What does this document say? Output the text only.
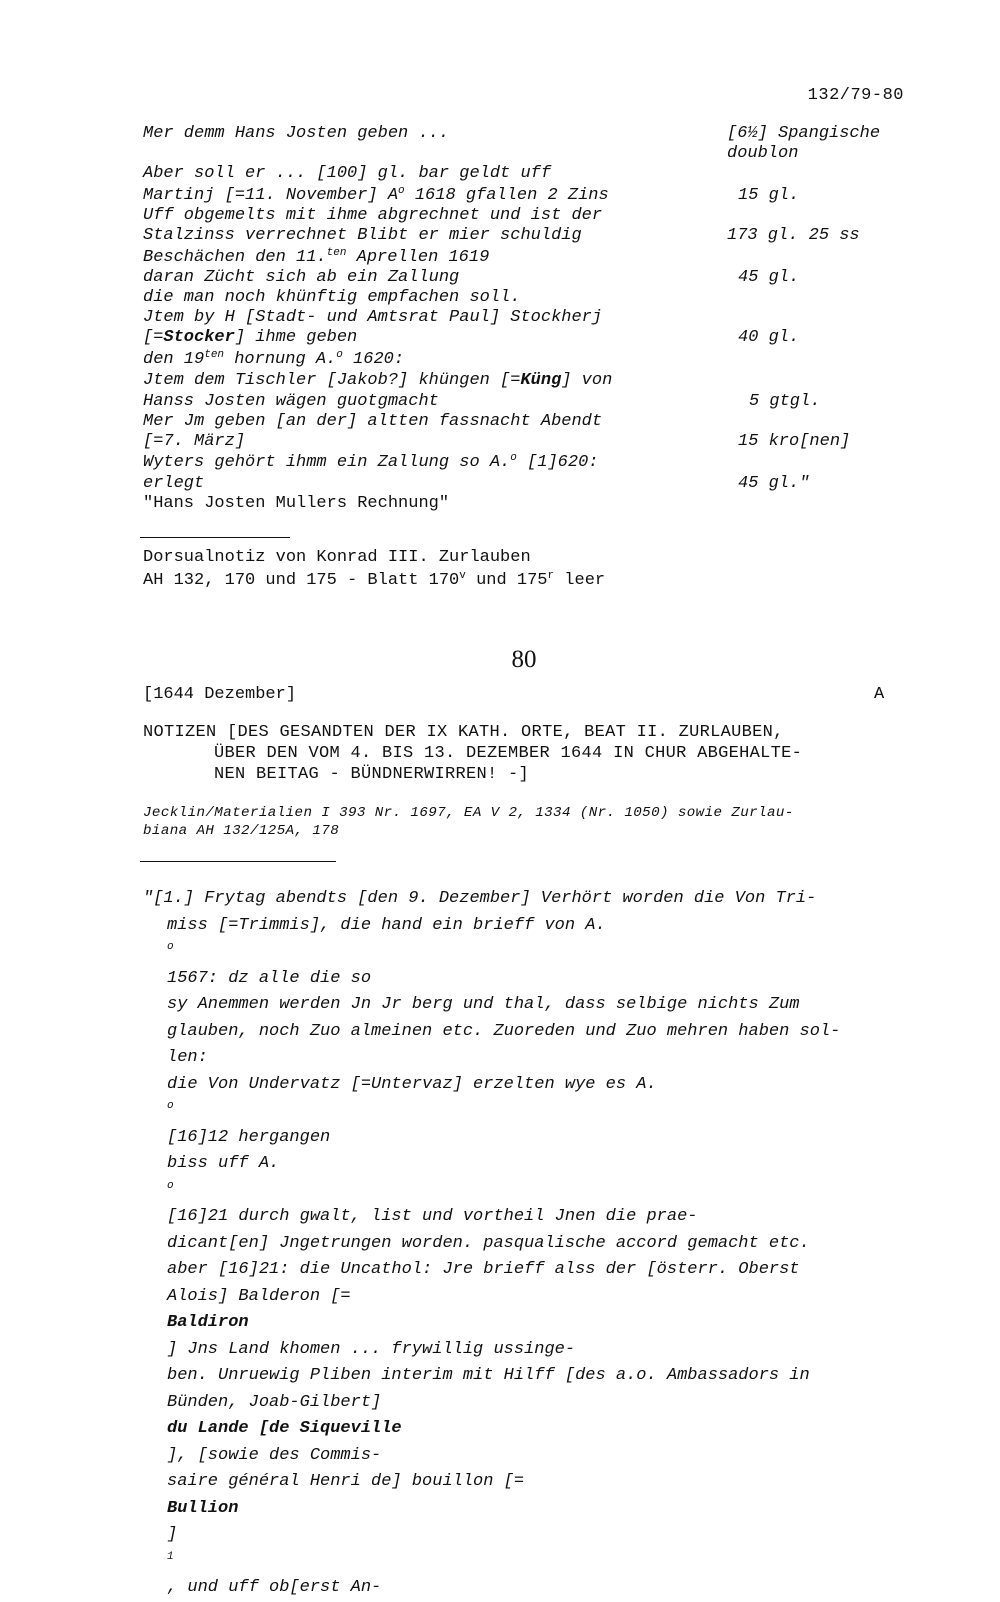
132/79-80
Mer demm Hans Josten geben ...	[6½] Spangische
doublon
Aber soll er ... [100] gl. bar geldt uff
Martinj [=11. November] $A^o$ 1618 gfallen 2 Zins	15 gl.
Uff obgemelts mit ihme abgrechnet und ist der
Stalzinss verrechnet Blibt er mier schuldig	173 gl. 25 ss
Beschächen den 11.$^{ten}$ Aprellen 1619
daran Zücht sich ab ein Zallung	45 gl.
die man noch khünftig empfachen soll.
Jtem by H [Stadt- und Amtsrat Paul] Stockherj
[=Stocker] ihme geben	40 gl.
den $19^{ten}$ hornung A.$^o$ 1620:
Jtem dem Tischler [Jakob?] khüngen [=Küng] von
Hanss Josten wägen guotgmacht	5 gtgl.
Mer Jm geben [an der] altten fassnacht Abendt
[=7. März]	15 kro[nen]
Wyters gehört ihmm ein Zallung so A.$^o$ [1]620:
erlegt	45 gl."
"Hans Josten Mullers Rechnung"
Dorsualnotiz von Konrad III. Zurlauben
AH 132, 170 und 175 - Blatt 170$^v$ und 175$^r$ leer
80
[1644 Dezember]	A
NOTIZEN [DES GESANDTEN DER IX KATH. ORTE, BEAT II. ZURLAUBEN,
ÜBER DEN VOM 4. BIS 13. DEZEMBER 1644 IN CHUR ABGEHALTE-
NEN BEITAG - BÜNDNERWIRREN! -]
Jecklin/Materialien I 393 Nr. 1697, EA V 2, 1334 (Nr. 1050) sowie Zurlau-
biana AH 132/125A, 178
"[1.] Frytag abendts [den 9. Dezember] Verhört worden die Von Tri-
miss [=Trimmis], die hand ein brieff von A.
$^o$
1567: dz alle die so
sy Anemmen werden Jn Jr berg und thal, dass selbige nichts Zum
glauben, noch Zuo almeinen etc. Zuoreden und Zuo mehren haben sol-
len:
die Von Undervatz [=Untervaz] erzelten wye es A.
$^o$
[16]12 hergangen
biss uff A.
$^o$
[16]21 durch gwalt, list und vortheil Jnen die prae-
dicant[en] Jngetrungen worden. pasqualische accord gemacht etc.
aber [16]21: die Uncathol: Jre brieff alss der [österr. Oberst
Alois] Balderon [=
Baldiron
] Jns Land khomen ... frywillig ussinge-
ben. Unruewig Pliben interim mit Hilff [des a.o. Ambassadors in
Bünden, Joab-Gilbert]
du Lande [de Siqueville
], [sowie des Commis-
saire général Henri de] bouillon [=
Bullion
]
$^1$
, und uff ob[erst An-
